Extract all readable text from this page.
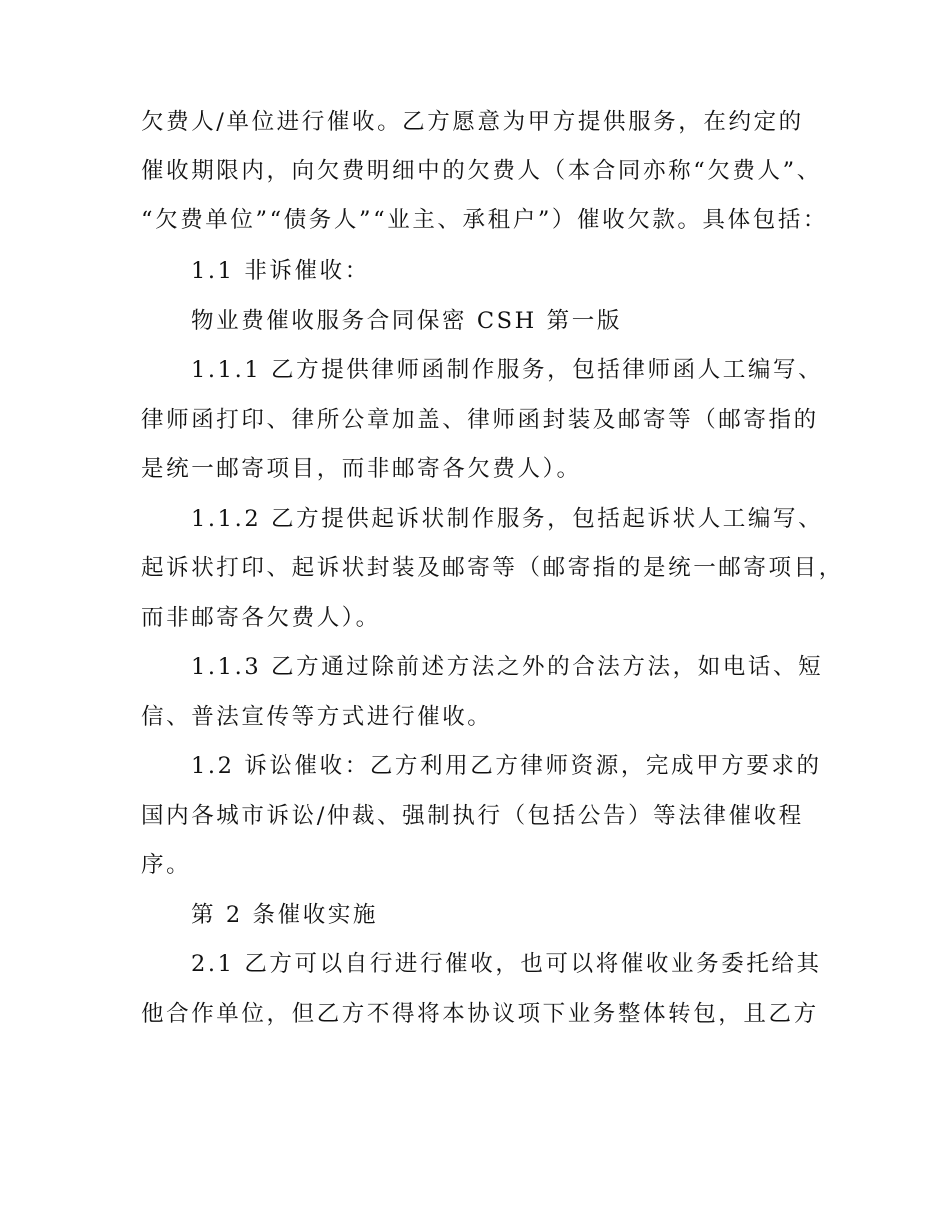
欠费人/单位进行催收。乙方愿意为甲方提供服务，在约定的
催收期限内，向欠费明细中的欠费人（本合同亦称“欠费人”、
“欠费单位”“债务人”“业主、承租户”）催收欠款。具体包括：
1.1 非诉催收：
物业费催收服务合同保密 CSH 第一版
1.1.1 乙方提供律师函制作服务，包括律师函人工编写、
律师函打印、律所公章加盖、律师函封装及邮寄等（邮寄指的
是统一邮寄项目，而非邮寄各欠费人）。
1.1.2 乙方提供起诉状制作服务，包括起诉状人工编写、
起诉状打印、起诉状封装及邮寄等（邮寄指的是统一邮寄项目，
而非邮寄各欠费人）。
1.1.3 乙方通过除前述方法之外的合法方法，如电话、短
信、普法宣传等方式进行催收。
1.2 诉讼催收：乙方利用乙方律师资源，完成甲方要求的
国内各城市诉讼/仲裁、强制执行（包括公告）等法律催收程
序。
第 2 条催收实施
2.1 乙方可以自行进行催收，也可以将催收业务委托给其
他合作单位，但乙方不得将本协议项下业务整体转包，且乙方
